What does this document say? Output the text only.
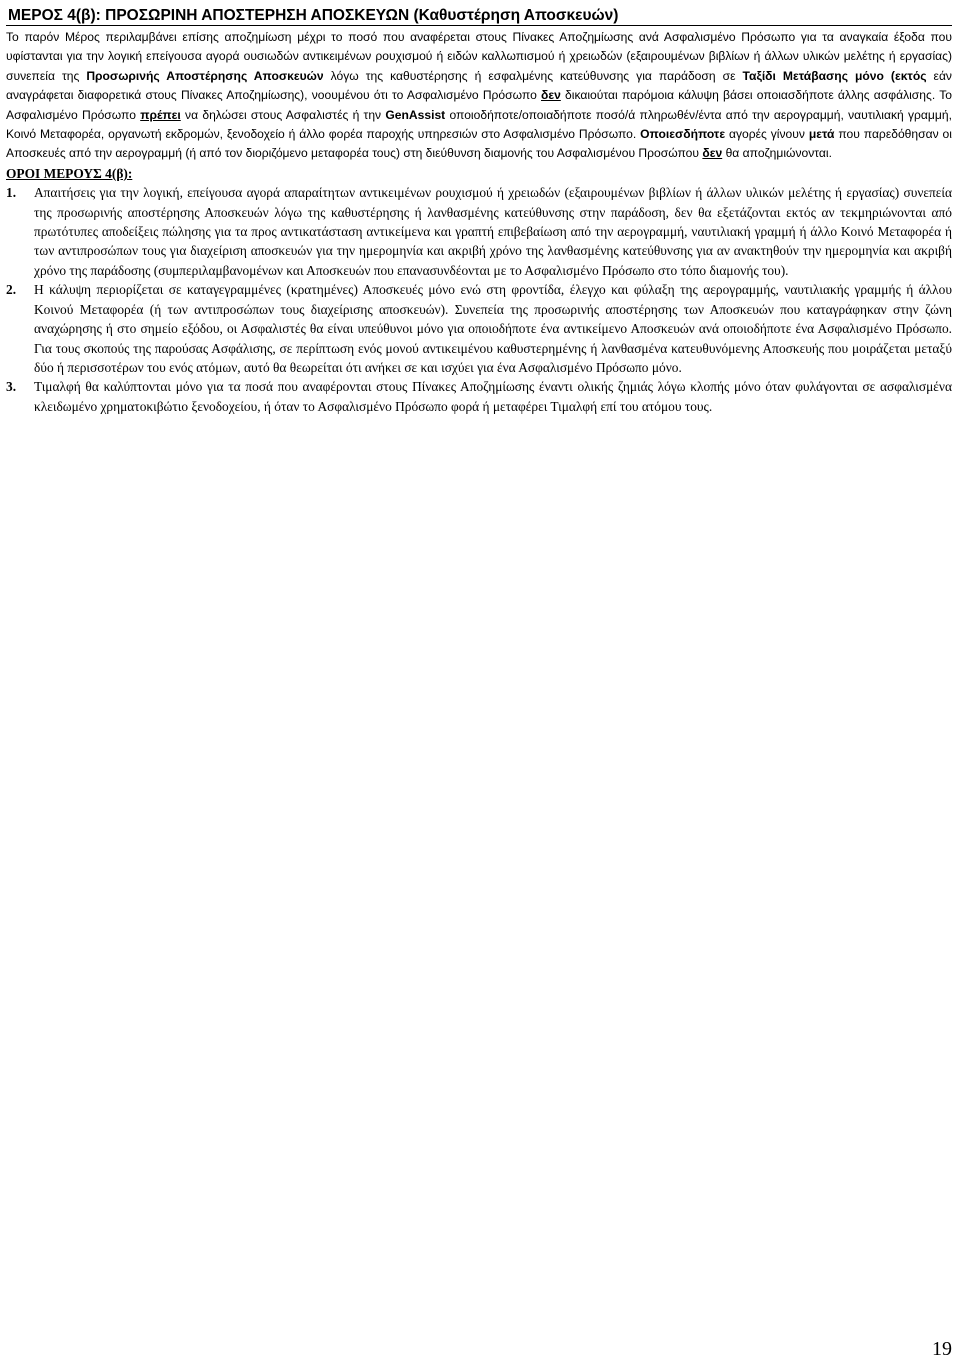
ΜΕΡΟΣ 4(β): ΠΡΟΣΩΡΙΝΗ ΑΠΟΣΤΕΡΗΣΗ ΑΠΟΣΚΕΥΩΝ (Καθυστέρηση Αποσκευών)

Το παρόν Μέρος περιλαμβάνει επίσης αποζημίωση μέχρι το ποσό που αναφέρεται στους Πίνακες Αποζημίωσης ανά Ασφαλισμένο Πρόσωπο για τα αναγκαία έξοδα που υφίστανται για την λογική επείγουσα αγορά ουσιωδών αντικειμένων ρουχισμού ή ειδών καλλωπισμού ή χρειωδών (εξαιρουμένων βιβλίων ή άλλων υλικών μελέτης ή εργασίας) συνεπεία της Προσωρινής Αποστέρησης Αποσκευών λόγω της καθυστέρησης ή εσφαλμένης κατεύθυνσης για παράδοση σε Ταξίδι Μετάβασης μόνο (εκτός εάν αναγράφεται διαφορετικά στους Πίνακες Αποζημίωσης), νοουμένου ότι το Ασφαλισμένο Πρόσωπο δεν δικαιούται παρόμοια κάλυψη βάσει οποιασδήποτε άλλης ασφάλισης. Το Ασφαλισμένο Πρόσωπο πρέπει να δηλώσει στους Ασφαλιστές ή την GenAssist οποιοδήποτε/οποιαδήποτε ποσό/ά πληρωθέν/έντα από την αερογραμμή, ναυτιλιακή γραμμή, Κοινό Μεταφορέα, οργανωτή εκδρομών, ξενοδοχείο ή άλλο φορέα παροχής υπηρεσιών στο Ασφαλισμένο Πρόσωπο. Οποιεσδήποτε αγορές γίνουν μετά που παρεδόθησαν οι Αποσκευές από την αερογραμμή (ή από τον διοριζόμενο μεταφορέα τους) στη διεύθυνση διαμονής του Ασφαλισμένου Προσώπου δεν θα αποζημιώνονται.

ΟΡΟΙ ΜΕΡΟΥΣ 4(β):

1. Απαιτήσεις για την λογική, επείγουσα αγορά απαραίτητων αντικειμένων ρουχισμού ή χρειωδών (εξαιρουμένων βιβλίων ή άλλων υλικών μελέτης ή εργασίας) συνεπεία της προσωρινής αποστέρησης Αποσκευών λόγω της καθυστέρησης ή λανθασμένης κατεύθυνσης στην παράδοση, δεν θα εξετάζονται εκτός αν τεκμηριώνονται από πρωτότυπες αποδείξεις πώλησης για τα προς αντικατάσταση αντικείμενα και γραπτή επιβεβαίωση από την αερογραμμή, ναυτιλιακή γραμμή ή άλλο Κοινό Μεταφορέα ή των αντιπροσώπων τους για διαχείριση αποσκευών για την ημερομηνία και ακριβή χρόνο της λανθασμένης κατεύθυνσης για αν ανακτηθούν την ημερομηνία και ακριβή χρόνο της παράδοσης (συμπεριλαμβανομένων και Αποσκευών που επανασυνδέονται με το Ασφαλισμένο Πρόσωπο στο τόπο διαμονής του).
2. Η κάλυψη περιορίζεται σε καταγεγραμμένες (κρατημένες) Αποσκευές μόνο ενώ στη φροντίδα, έλεγχο και φύλαξη της αερογραμμής, ναυτιλιακής γραμμής ή άλλου Κοινού Μεταφορέα (ή των αντιπροσώπων τους διαχείρισης αποσκευών). Συνεπεία της προσωρινής αποστέρησης των Αποσκευών που καταγράφηκαν στην ζώνη αναχώρησης ή στο σημείο εξόδου, οι Ασφαλιστές θα είναι υπεύθυνοι μόνο για οποιοδήποτε ένα αντικείμενο Αποσκευών ανά οποιοδήποτε ένα Ασφαλισμένο Πρόσωπο. Για τους σκοπούς της παρούσας Ασφάλισης, σε περίπτωση ενός μονού αντικειμένου καθυστερημένης ή λανθασμένα κατευθυνόμενης Αποσκευής που μοιράζεται μεταξύ δύο ή περισσοτέρων του ενός ατόμων, αυτό θα θεωρείται ότι ανήκει σε και ισχύει για ένα Ασφαλισμένο Πρόσωπο μόνο.
3. Τιμαλφή θα καλύπτονται μόνο για τα ποσά που αναφέρονται στους Πίνακες Αποζημίωσης έναντι ολικής ζημιάς λόγω κλοπής μόνο όταν φυλάγονται σε ασφαλισμένα κλειδωμένο χρηματοκιβώτιο ξενοδοχείου, ή όταν το Ασφαλισμένο Πρόσωπο φορά ή μεταφέρει Τιμαλφή επί του ατόμου τους.
19
